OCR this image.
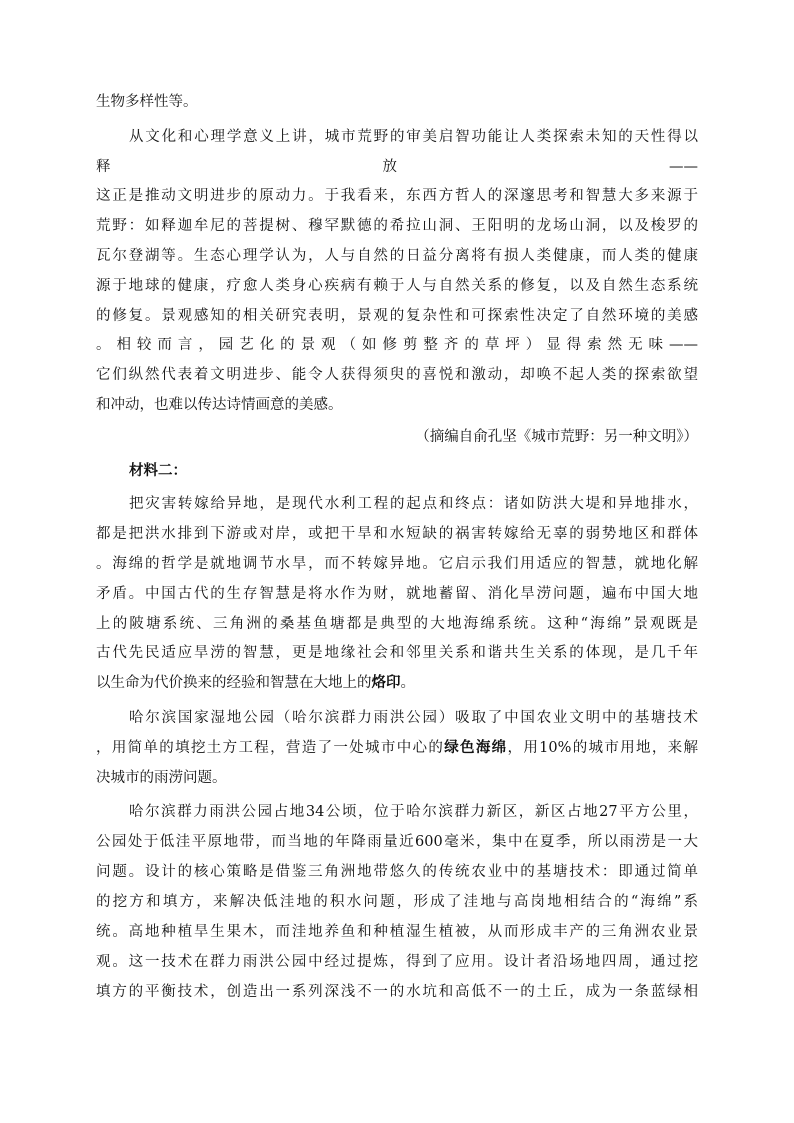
生物多样性等。
从文化和心理学意义上讲，城市荒野的审美启智功能让人类探索未知的天性得以
释	放	——
这正是推动文明进步的原动力。于我看来，东西方哲人的深邃思考和智慧大多来源于
荒野：如释迦牟尼的菩提树、穆罕默德的希拉山洞、王阳明的龙场山洞，以及梭罗的
瓦尔登湖等。生态心理学认为，人与自然的日益分离将有损人类健康，而人类的健康
源于地球的健康，疗愈人类身心疾病有赖于人与自然关系的修复，以及自然生态系统
的修复。景观感知的相关研究表明，景观的复杂性和可探索性决定了自然环境的美感
。相较而言，园艺化的景观（如修剪整齐的草坪）显得索然无味——
它们纵然代表着文明进步、能令人获得须臾的喜悦和激动，却唤不起人类的探索欲望
和冲动，也难以传达诗情画意的美感。
（摘编自俞孔坚《城市荒野：另一种文明》）
材料二：
把灾害转嫁给异地，是现代水利工程的起点和终点：诸如防洪大堤和异地排水，
都是把洪水排到下游或对岸，或把干旱和水短缺的祸害转嫁给无辜的弱势地区和群体
。海绵的哲学是就地调节水旱，而不转嫁异地。它启示我们用适应的智慧，就地化解
矛盾。中国古代的生存智慧是将水作为财，就地蓄留、消化旱涝问题，遍布中国大地
上的陂塘系统、三角洲的桑基鱼塘都是典型的大地海绵系统。这种“海绵”景观既是
古代先民适应旱涝的智慧，更是地缘社会和邻里关系和谐共生关系的体现，是几千年
以生命为代价换来的经验和智慧在大地上的烙印。
哈尔滨国家湿地公园（哈尔滨群力雨洪公园）吸取了中国农业文明中的基塘技术
，用简单的填挖土方工程，营造了一处城市中心的绿色海绵，用10%的城市用地，来解
决城市的雨涝问题。
哈尔滨群力雨洪公园占地34公顷，位于哈尔滨群力新区，新区占地27平方公里，
公园处于低洼平原地带，而当地的年降雨量近600毫米，集中在夏季，所以雨涝是一大
问题。设计的核心策略是借鉴三角洲地带悠久的传统农业中的基塘技术：即通过简单
的挖方和填方，来解决低洼地的积水问题，形成了洼地与高岗地相结合的“海绵”系
统。高地种植旱生果木，而洼地养鱼和种植湿生植被，从而形成丰产的三角洲农业景
观。这一技术在群力雨洪公园中经过提炼，得到了应用。设计者沿场地四周，通过挖
填方的平衡技术，创造出一系列深浅不一的水坑和高低不一的土丘，成为一条蓝绿相
